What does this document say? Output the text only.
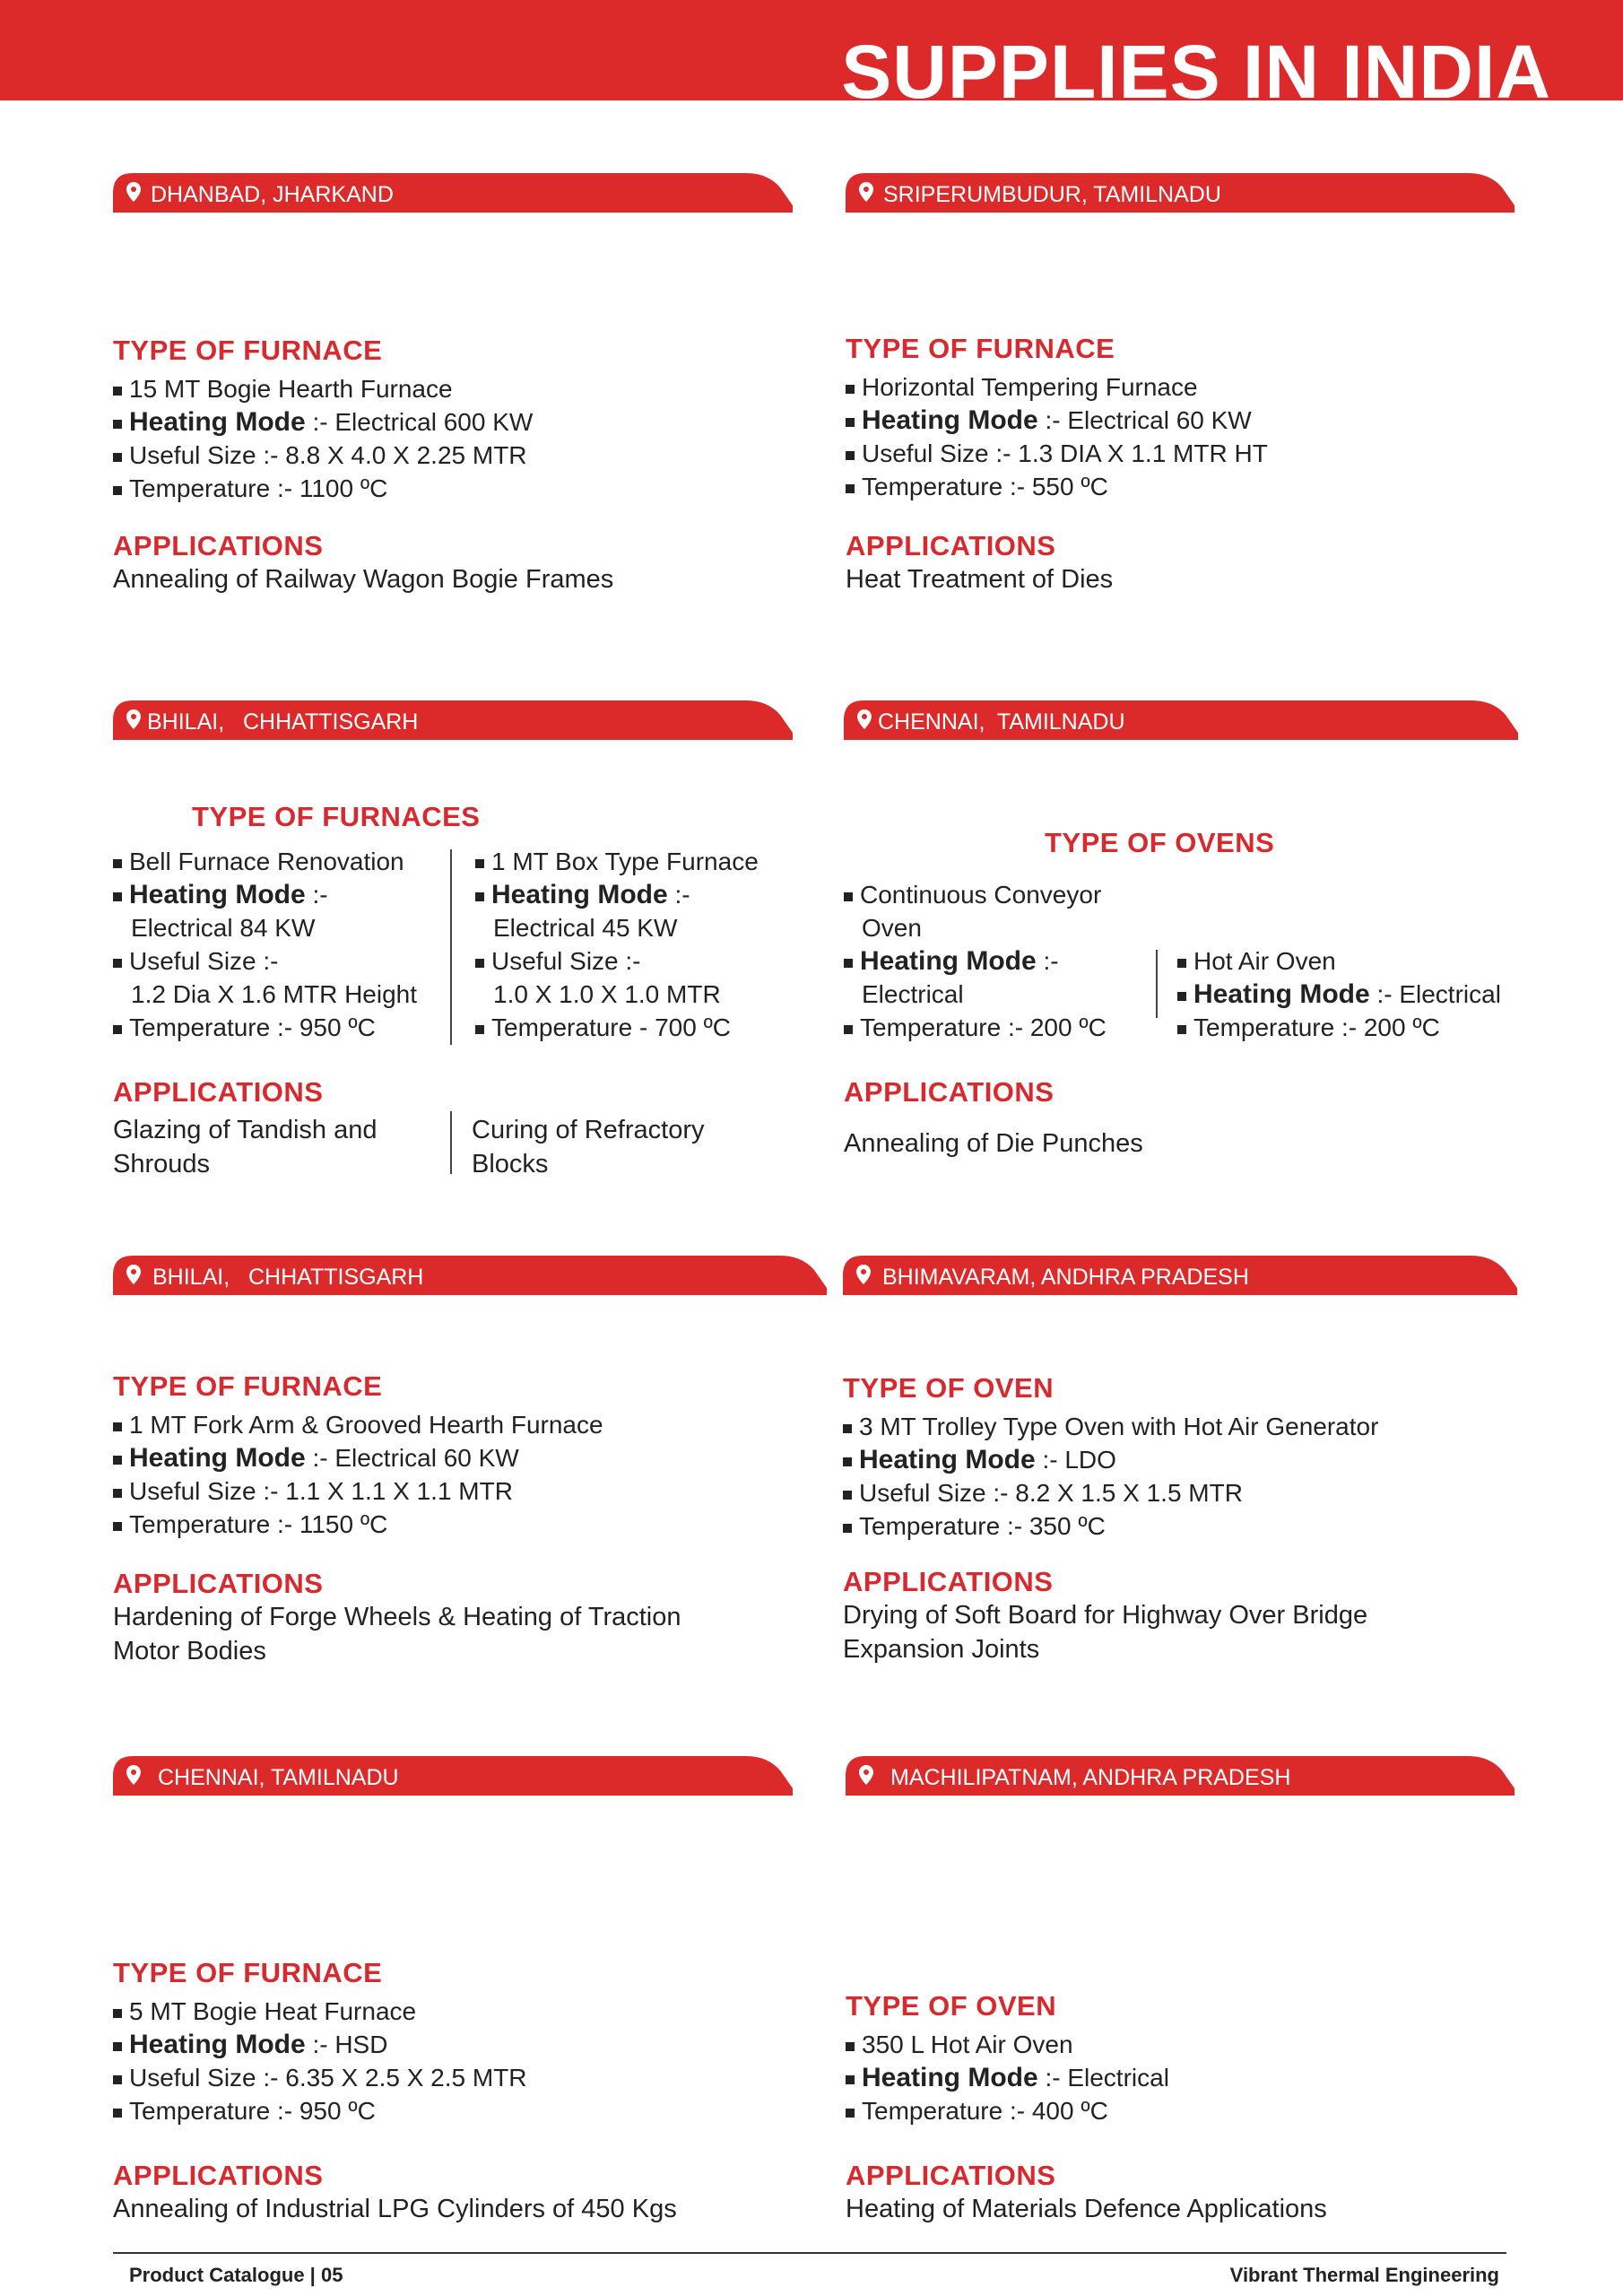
SUPPLIES IN INDIA
DHANBAD, JHARKAND
TYPE OF FURNACE
15 MT Bogie Hearth Furnace
Heating Mode :- Electrical 600 KW
Useful Size :- 8.8 X 4.0 X 2.25 MTR
Temperature :- 1100 ºC
APPLICATIONS
Annealing of Railway Wagon Bogie Frames
SRIPERUMBUDUR, TAMILNADU
TYPE OF FURNACE
Horizontal Tempering Furnace
Heating Mode :- Electrical 60 KW
Useful Size :- 1.3 DIA X 1.1 MTR HT
Temperature :- 550 ºC
APPLICATIONS
Heat Treatment of Dies
BHILAI,   CHHATTISGARH
TYPE OF FURNACES
Bell Furnace Renovation
Heating Mode :-
Electrical 84 KW
Useful Size :-
1.2 Dia X 1.6 MTR Height
Temperature :- 950 ºC
1 MT Box Type Furnace
Heating Mode :-
Electrical 45 KW
Useful Size :-
1.0 X 1.0 X 1.0 MTR
Temperature - 700 ºC
APPLICATIONS
Glazing of Tandish and
Shrouds
Curing of Refractory
Blocks
CHENNAI,  TAMILNADU
TYPE OF OVENS
Continuous Conveyor
Oven
Heating Mode :-
Electrical
Temperature :- 200 ºC
Hot Air Oven
Heating Mode :- Electrical
Temperature :- 200 ºC
APPLICATIONS
Annealing of Die Punches
BHILAI,   CHHATTISGARH
TYPE OF FURNACE
1 MT Fork Arm & Grooved Hearth Furnace
Heating Mode :- Electrical 60 KW
Useful Size :- 1.1 X 1.1 X 1.1 MTR
Temperature :- 1150 ºC
APPLICATIONS
Hardening of Forge Wheels & Heating of Traction
Motor Bodies
BHIMAVARAM, ANDHRA PRADESH
TYPE OF OVEN
3 MT Trolley Type Oven with Hot Air Generator
Heating Mode :- LDO
Useful Size :- 8.2 X 1.5 X 1.5 MTR
Temperature :- 350 ºC
APPLICATIONS
Drying of Soft Board for Highway Over Bridge
Expansion Joints
CHENNAI, TAMILNADU
TYPE OF FURNACE
5 MT Bogie Heat Furnace
Heating Mode :- HSD
Useful Size :- 6.35 X 2.5 X 2.5 MTR
Temperature :- 950 ºC
APPLICATIONS
Annealing of Industrial LPG Cylinders of 450 Kgs
MACHILIPATNAM, ANDHRA PRADESH
TYPE OF OVEN
350 L Hot Air Oven
Heating Mode :- Electrical
Temperature :- 400 ºC
APPLICATIONS
Heating of Materials Defence Applications
Product Catalogue | 05	Vibrant Thermal Engineering
